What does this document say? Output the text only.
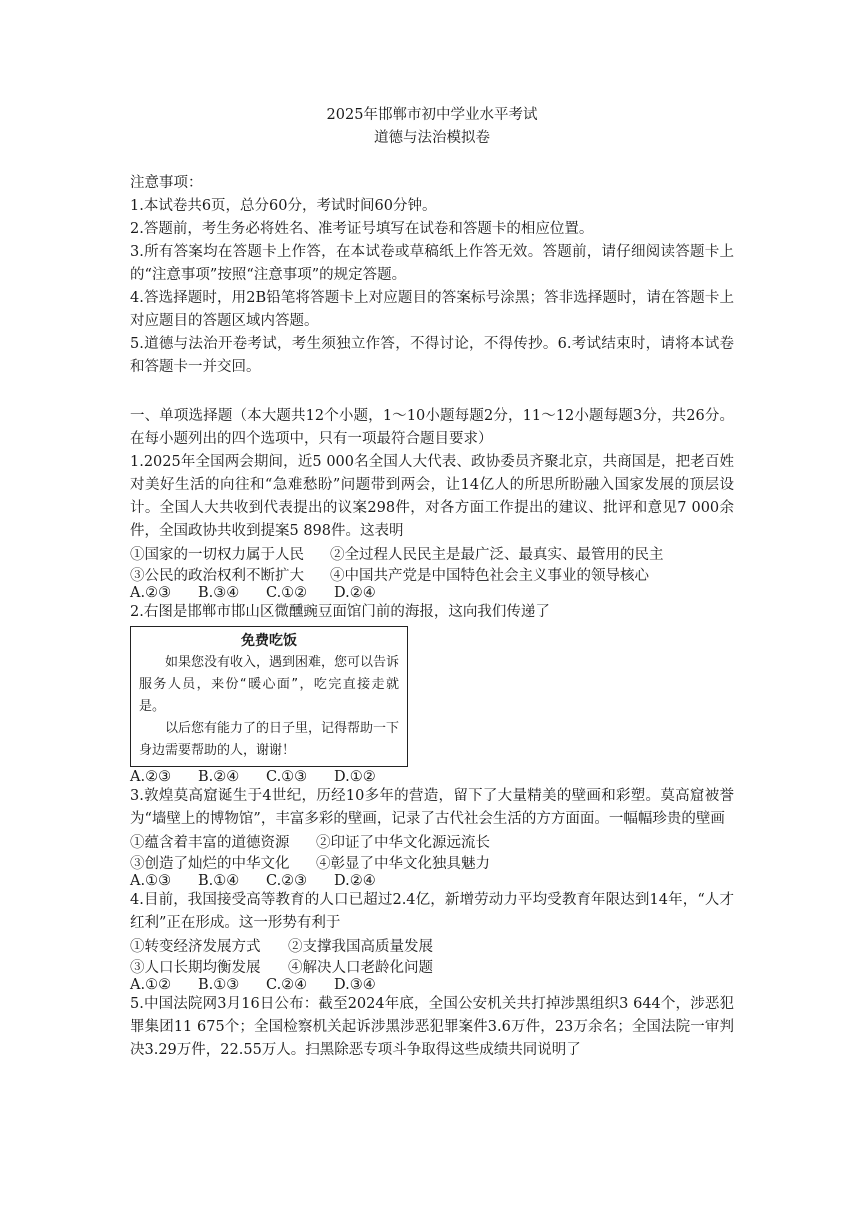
2025年邯郸市初中学业水平考试

道德与法治模拟卷

注意事项：

1.本试卷共6页，总分60分，考试时间60分钟。

2.答题前，考生务必将姓名、准考证号填写在试卷和答题卡的相应位置。

3.所有答案均在答题卡上作答，在本试卷或草稿纸上作答无效。答题前，请仔细阅读答题卡上的“注意事项”按照“注意事项”的规定答题。

4.答选择题时，用2B铅笔将答题卡上对应题目的答案标号涂黑；答非选择题时，请在答题卡上对应题目的答题区域内答题。

5.道德与法治开卷考试，考生须独立作答，不得讨论，不得传抄。6.考试结束时，请将本试卷和答题卡一并交回。

一、单项选择题（本大题共12个小题，1～10小题每题2分，11～12小题每题3分，共26分。在每小题列出的四个选项中，只有一项最符合题目要求）

1.2025年全国两会期间，近5 000名全国人大代表、政协委员齐聚北京，共商国是，把老百姓对美好生活的向往和“急难愁盼”问题带到两会，让14亿人的所思所盼融入国家发展的顶层设计。全国人大共收到代表提出的议案298件，对各方面工作提出的建议、批评和意见7 000余件，全国政协共收到提案5 898件。这表明

①国家的一切权力属于人民	②全过程人民民主是最广泛、最真实、最管用的民主
③公民的政治权利不断扩大	④中国共产党是中国特色社会主义事业的领导核心
A.②③	B.③④	C.①②	D.②④

2.右图是邯郸市邯山区微醺豌豆面馆门前的海报，这向我们传递了

免费吃饭

如果您没有收入，遇到困难，您可以告诉服务人员，来份“暖心面”，吃完直接走就是。

以后您有能力了的日子里，记得帮助一下身边需要帮助的人，谢谢！

A.②③	B.②④	C.①③	D.①②

3.敦煌莫高窟诞生于4世纪，历经10多年的营造，留下了大量精美的壁画和彩塑。莫高窟被誉为“墙壁上的博物馆”，丰富多彩的壁画，记录了古代社会生活的方方面面。一幅幅珍贵的壁画

①蕴含着丰富的道德资源	②印证了中华文化源远流长
③创造了灿烂的中华文化	④彰显了中华文化独具魅力
A.①③	B.①④	C.②③	D.②④

4.目前，我国接受高等教育的人口已超过2.4亿，新增劳动力平均受教育年限达到14年，“人才红利”正在形成。这一形势有利于

①转变经济发展方式	②支撑我国高质量发展
③人口长期均衡发展	④解决人口老龄化问题
A.①②	B.①③	C.②④	D.③④

5.中国法院网3月16日公布：截至2024年底，全国公安机关共打掉涉黑组织3 644个，涉恶犯罪集团11 675个；全国检察机关起诉涉黑涉恶犯罪案件3.6万件，23万余名；全国法院一审判决3.29万件，22.55万人。扫黑除恶专项斗争取得这些成绩共同说明了
